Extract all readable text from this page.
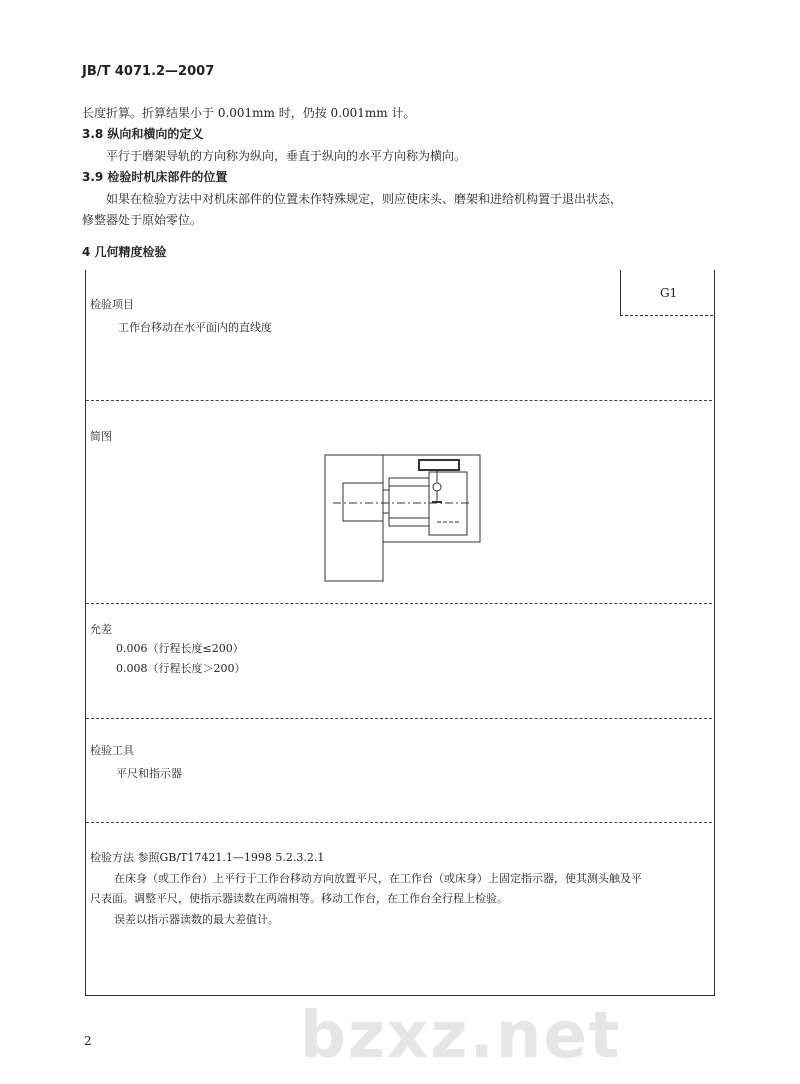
bzxz.net
JB/T 4071.2—2007
长度折算。折算结果小于 0.001mm 时，仍按 0.001mm 计。
3.8 纵向和横向的定义
平行于磨架导轨的方向称为纵向，垂直于纵向的水平方向称为横向。
3.9 检验时机床部件的位置
如果在检验方法中对机床部件的位置未作特殊规定，则应使床头、磨架和进给机构置于退出状态，
修整器处于原始零位。
4 几何精度检验
G1
检验项目
工作台移动在水平面内的直线度
简图
允差
0.006（行程长度≤200）
0.008（行程长度＞200）
检验工具
平尺和指示器
检验方法 参照GB/T17421.1—1998 5.2.3.2.1
在床身（或工作台）上平行于工作台移动方向放置平尺，在工作台（或床身）上固定指示器，使其测头触及平
尺表面。调整平尺，使指示器读数在两端相等。移动工作台，在工作台全行程上检验。
误差以指示器读数的最大差值计。
2
